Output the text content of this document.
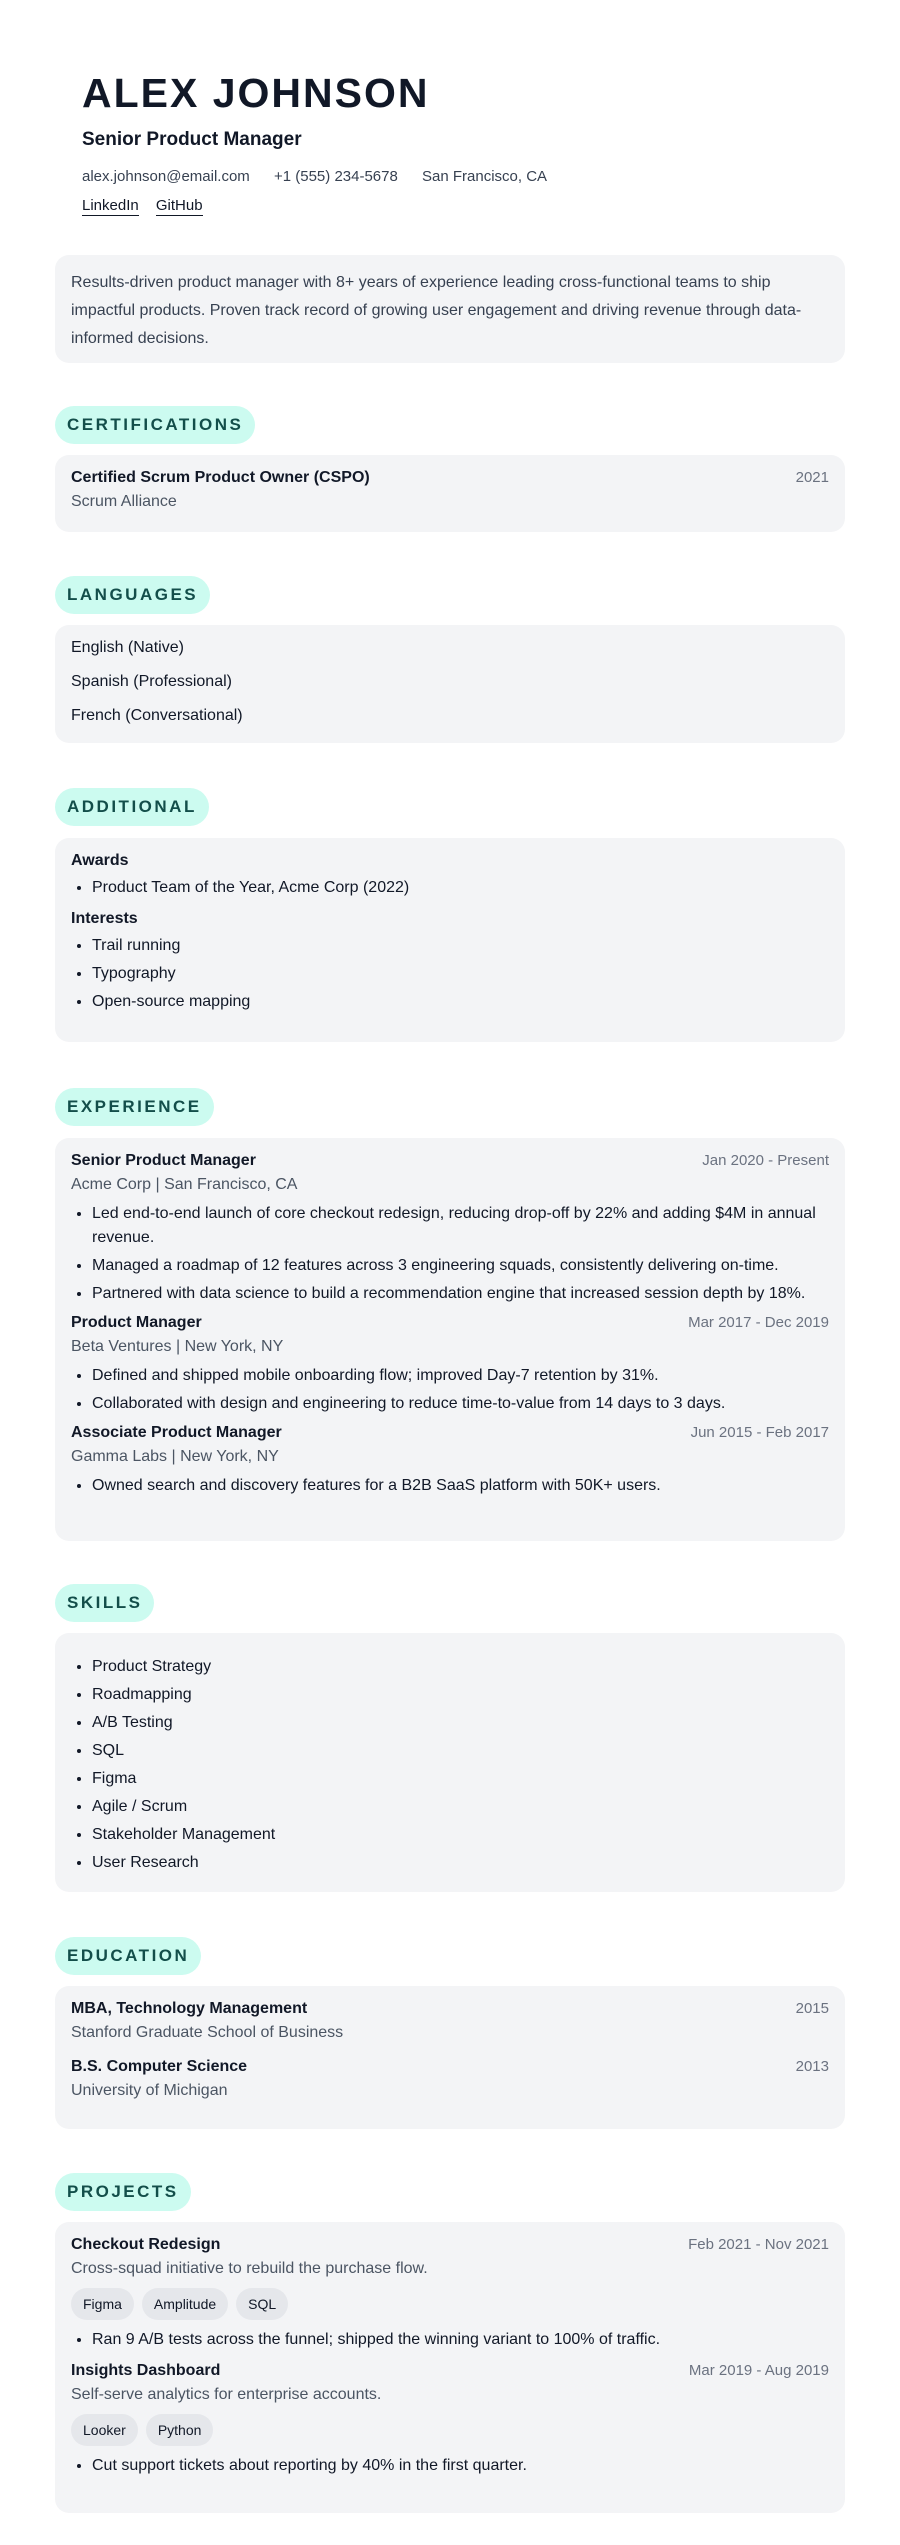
ALEX JOHNSON
Senior Product Manager
alex.johnson@email.com +1 (555) 234-5678 San Francisco, CA
LinkedIn GitHub
Results-driven product manager with 8+ years of experience leading cross-functional teams to ship impactful products. Proven track record of growing user engagement and driving revenue through data-informed decisions.
CERTIFICATIONS
Certified Scrum Product Owner (CSPO)	2021
Scrum Alliance
LANGUAGES
English (Native)
Spanish (Professional)
French (Conversational)
ADDITIONAL
Awards
• Product Team of the Year, Acme Corp (2022)
Interests
• Trail running
• Typography
• Open-source mapping
EXPERIENCE
Senior Product Manager	Jan 2020 - Present
Acme Corp | San Francisco, CA
• Led end-to-end launch of core checkout redesign, reducing drop-off by 22% and adding $4M in annual revenue.
• Managed a roadmap of 12 features across 3 engineering squads, consistently delivering on-time.
• Partnered with data science to build a recommendation engine that increased session depth by 18%.
Product Manager	Mar 2017 - Dec 2019
Beta Ventures | New York, NY
• Defined and shipped mobile onboarding flow; improved Day-7 retention by 31%.
• Collaborated with design and engineering to reduce time-to-value from 14 days to 3 days.
Associate Product Manager	Jun 2015 - Feb 2017
Gamma Labs | New York, NY
• Owned search and discovery features for a B2B SaaS platform with 50K+ users.
SKILLS
• Product Strategy
• Roadmapping
• A/B Testing
• SQL
• Figma
• Agile / Scrum
• Stakeholder Management
• User Research
EDUCATION
MBA, Technology Management	2015
Stanford Graduate School of Business
B.S. Computer Science	2013
University of Michigan
PROJECTS
Checkout Redesign	Feb 2021 - Nov 2021
Cross-squad initiative to rebuild the purchase flow.
Figma	Amplitude	SQL
• Ran 9 A/B tests across the funnel; shipped the winning variant to 100% of traffic.
Insights Dashboard	Mar 2019 - Aug 2019
Self-serve analytics for enterprise accounts.
Looker	Python
• Cut support tickets about reporting by 40% in the first quarter.
